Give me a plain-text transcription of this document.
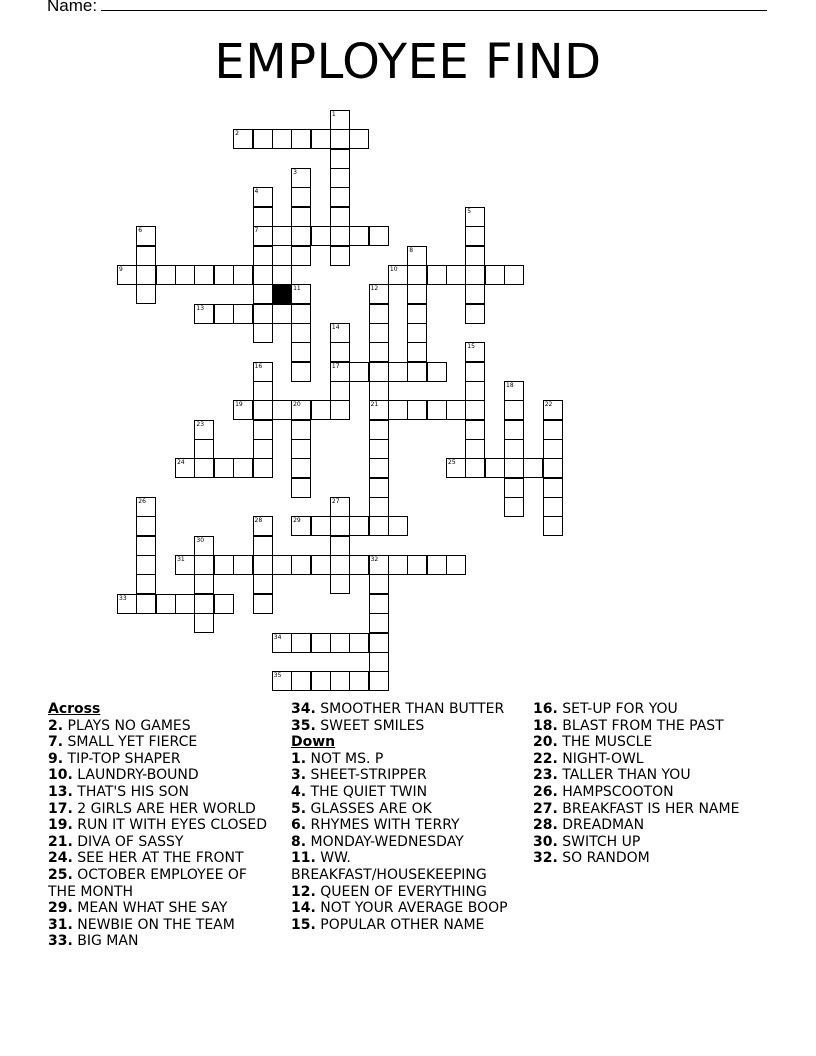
Name:
EMPLOYEE FIND
2
7
9	10
13
17
19	20	21
24	25
29
31	32
33
34
35
1
3
4
5
6
8
11	12
14
15
16
18
22
23
26	27
28
30
Across
2. PLAYS NO GAMES
7. SMALL YET FIERCE
9. TIP-TOP SHAPER
10. LAUNDRY-BOUND
13. THAT'S HIS SON
17. 2 GIRLS ARE HER WORLD
19. RUN IT WITH EYES CLOSED
21. DIVA OF SASSY
24. SEE HER AT THE FRONT
25. OCTOBER EMPLOYEE OF THE MONTH
29. MEAN WHAT SHE SAY
31. NEWBIE ON THE TEAM
33. BIG MAN
34. SMOOTHER THAN BUTTER
35. SWEET SMILES
Down
1. NOT MS. P
3. SHEET-STRIPPER
4. THE QUIET TWIN
5. GLASSES ARE OK
6. RHYMES WITH TERRY
8. MONDAY-WEDNESDAY
11. WW. BREAKFAST/HOUSEKEEPING
12. QUEEN OF EVERYTHING
14. NOT YOUR AVERAGE BOOP
15. POPULAR OTHER NAME
16. SET-UP FOR YOU
18. BLAST FROM THE PAST
20. THE MUSCLE
22. NIGHT-OWL
23. TALLER THAN YOU
26. HAMPSCOOTON
27. BREAKFAST IS HER NAME
28. DREADMAN
30. SWITCH UP
32. SO RANDOM
